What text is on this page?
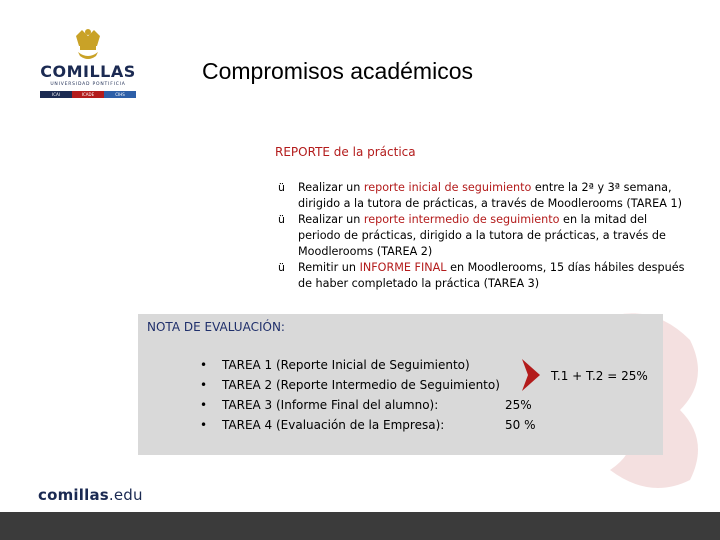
COMILLAS
UNIVERSIDAD PONTIFICIA
ICAI	ICADE	CIHS
Compromisos académicos
REPORTE de la práctica
ü Realizar un reporte inicial de seguimiento entre la 2ª y 3ª semana, dirigido a la tutora de prácticas, a través de Moodlerooms (TAREA 1)
ü Realizar un reporte intermedio de seguimiento en la mitad del periodo de prácticas, dirigido a la tutora de prácticas, a través de Moodlerooms (TAREA 2)
ü Remitir un INFORME FINAL en Moodlerooms, 15 días hábiles después de haber completado la práctica (TAREA 3)
NOTA DE EVALUACIÓN:
• TAREA 1 (Reporte Inicial de Seguimiento)
• TAREA 2 (Reporte Intermedio de Seguimiento)
• TAREA 3 (Informe Final del alumno):	25%
• TAREA 4 (Evaluación de la Empresa):	50 %
T.1 + T.2 = 25%
comillas.edu
